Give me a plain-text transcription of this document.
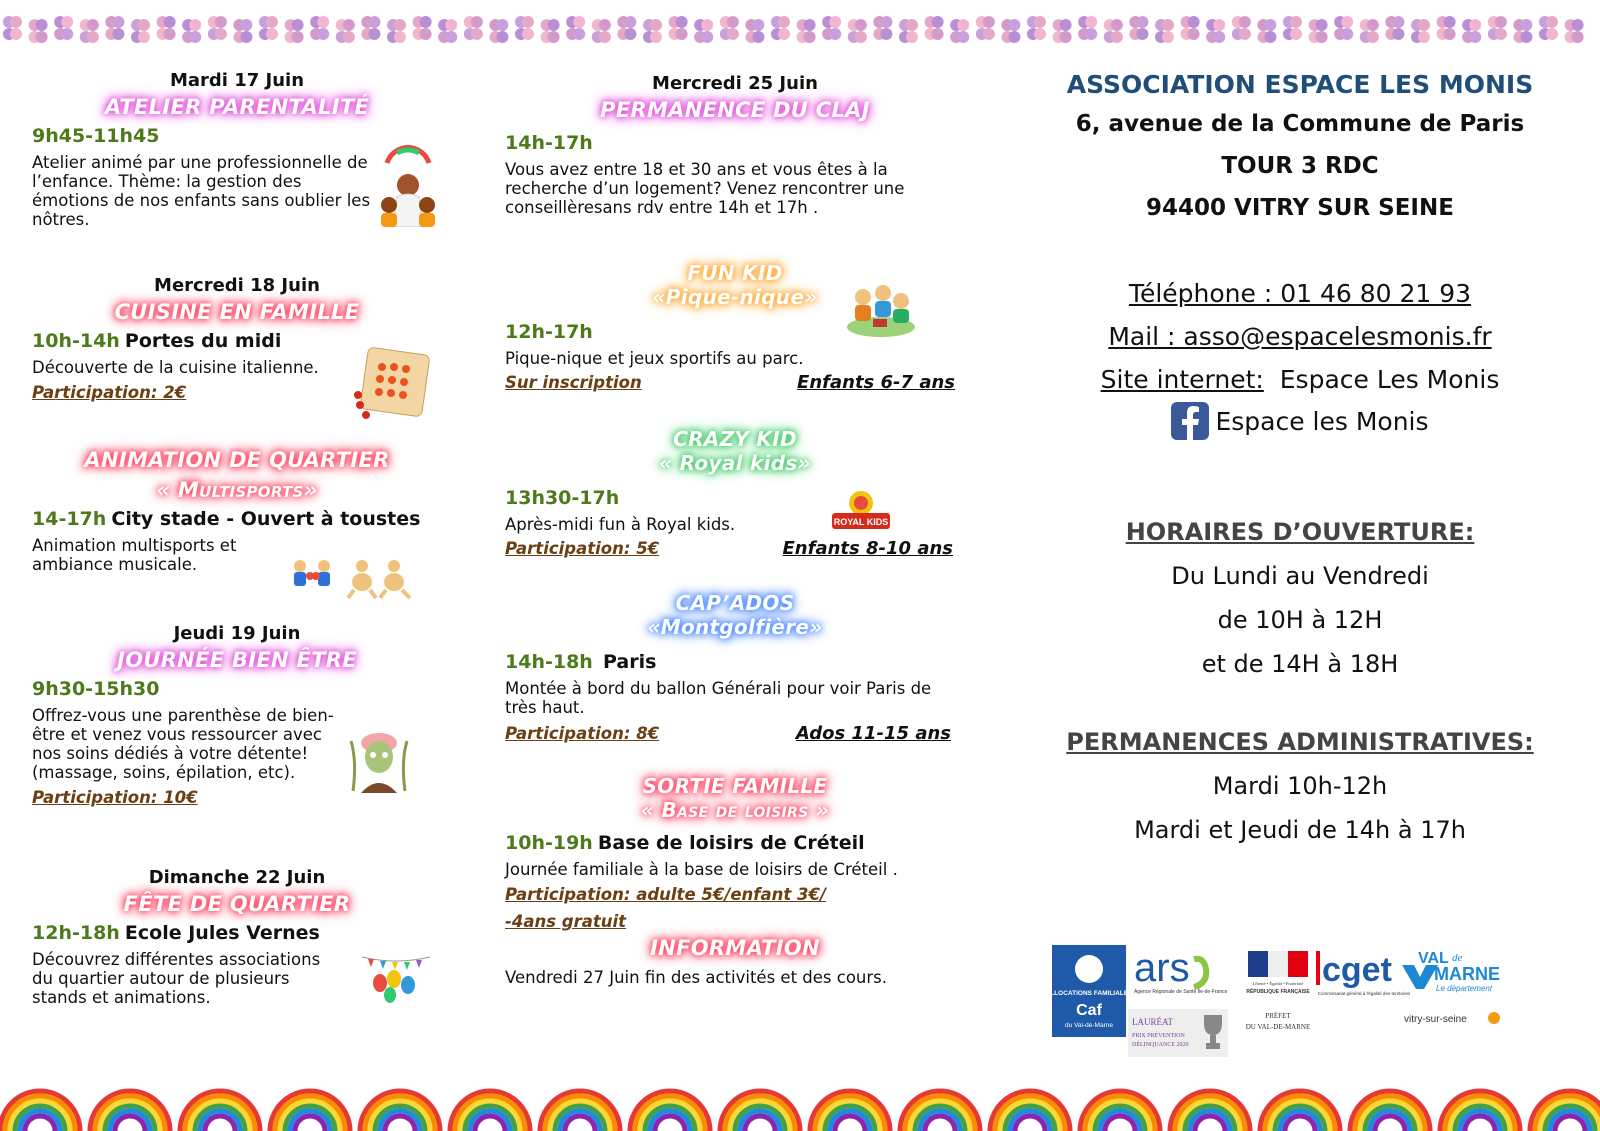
Mardi 17 Juin
ATELIER PARENTALITÉ
9h45-11h45
Atelier animé par une professionnelle de l’enfance. Thème: la gestion des émotions de nos enfants sans oublier les nôtres.
Mercredi 18 Juin
CUISINE EN FAMILLE
10h-14h Portes du midi
Découverte de la cuisine italienne.
Participation: 2€
ANIMATION DE QUARTIER
« Multisports»
14-17h City stade - Ouvert à toustes
Animation multisports et ambiance musicale.
Jeudi 19 Juin
JOURNÉE BIEN ÊTRE
9h30-15h30
Offrez-vous une parenthèse de bien-être et venez vous ressourcer avec nos soins dédiés à votre détente! (massage, soins, épilation, etc).
Participation: 10€
Dimanche 22 Juin
FÊTE DE QUARTIER
12h-18h Ecole Jules Vernes
Découvrez différentes associations du quartier autour de plusieurs stands et animations.
Mercredi 25 Juin
PERMANENCE DU CLAJ
14h-17h
Vous avez entre 18 et 30 ans et vous êtes à la recherche d’un logement? Venez rencontrer une conseillèresans rdv entre 14h et 17h .
FUN KID
«Pique-nique»
12h-17h
Pique-nique et jeux sportifs au parc.
Sur inscription	Enfants 6-7 ans
CRAZY KID
« Royal kids»
13h30-17h
Après-midi fun à Royal kids.
Participation: 5€	Enfants 8-10 ans
ROYAL KIDS
CAP’ADOS
«Montgolfière»
14h-18h Paris
Montée à bord du ballon Générali pour voir Paris de très haut.
Participation: 8€	Ados 11-15 ans
SORTIE FAMILLE
« Base de loisirs »
10h-19h Base de loisirs de Créteil
Journée familiale à la base de loisirs de Créteil .
Participation: adulte 5€/enfant 3€/
-4ans gratuit
INFORMATION
Vendredi 27 Juin fin des activités et des cours.
ASSOCIATION ESPACE LES MONIS
6, avenue de la Commune de Paris
TOUR 3 RDC
94400 VITRY SUR SEINE
Téléphone : 01 46 80 21 93
Mail : asso@espacelesmonis.fr
Site internet: Espace Les Monis
Espace les Monis
HORAIRES D’OUVERTURE:
Du Lundi au Vendredi
de 10H à 12H
et de 14H à 18H
PERMANENCES ADMINISTRATIVES:
Mardi 10h-12h
Mardi et Jeudi de 14h à 17h
ALLOCATIONS FAMILIALES
Caf
du Val-de-Marne
ars
Agence Régionale de Santé Île-de-France
LAURÉAT
PRIX PRÉVENTION
DÉLINQUANCE 2020
Liberté • Égalité • Fraternité
RÉPUBLIQUE FRANÇAISE
PRÉFET
DU VAL-DE-MARNE
cget
Commissariat général à l'égalité des territoires
VAL de
MARNE
Le département
vitry-sur-seine
